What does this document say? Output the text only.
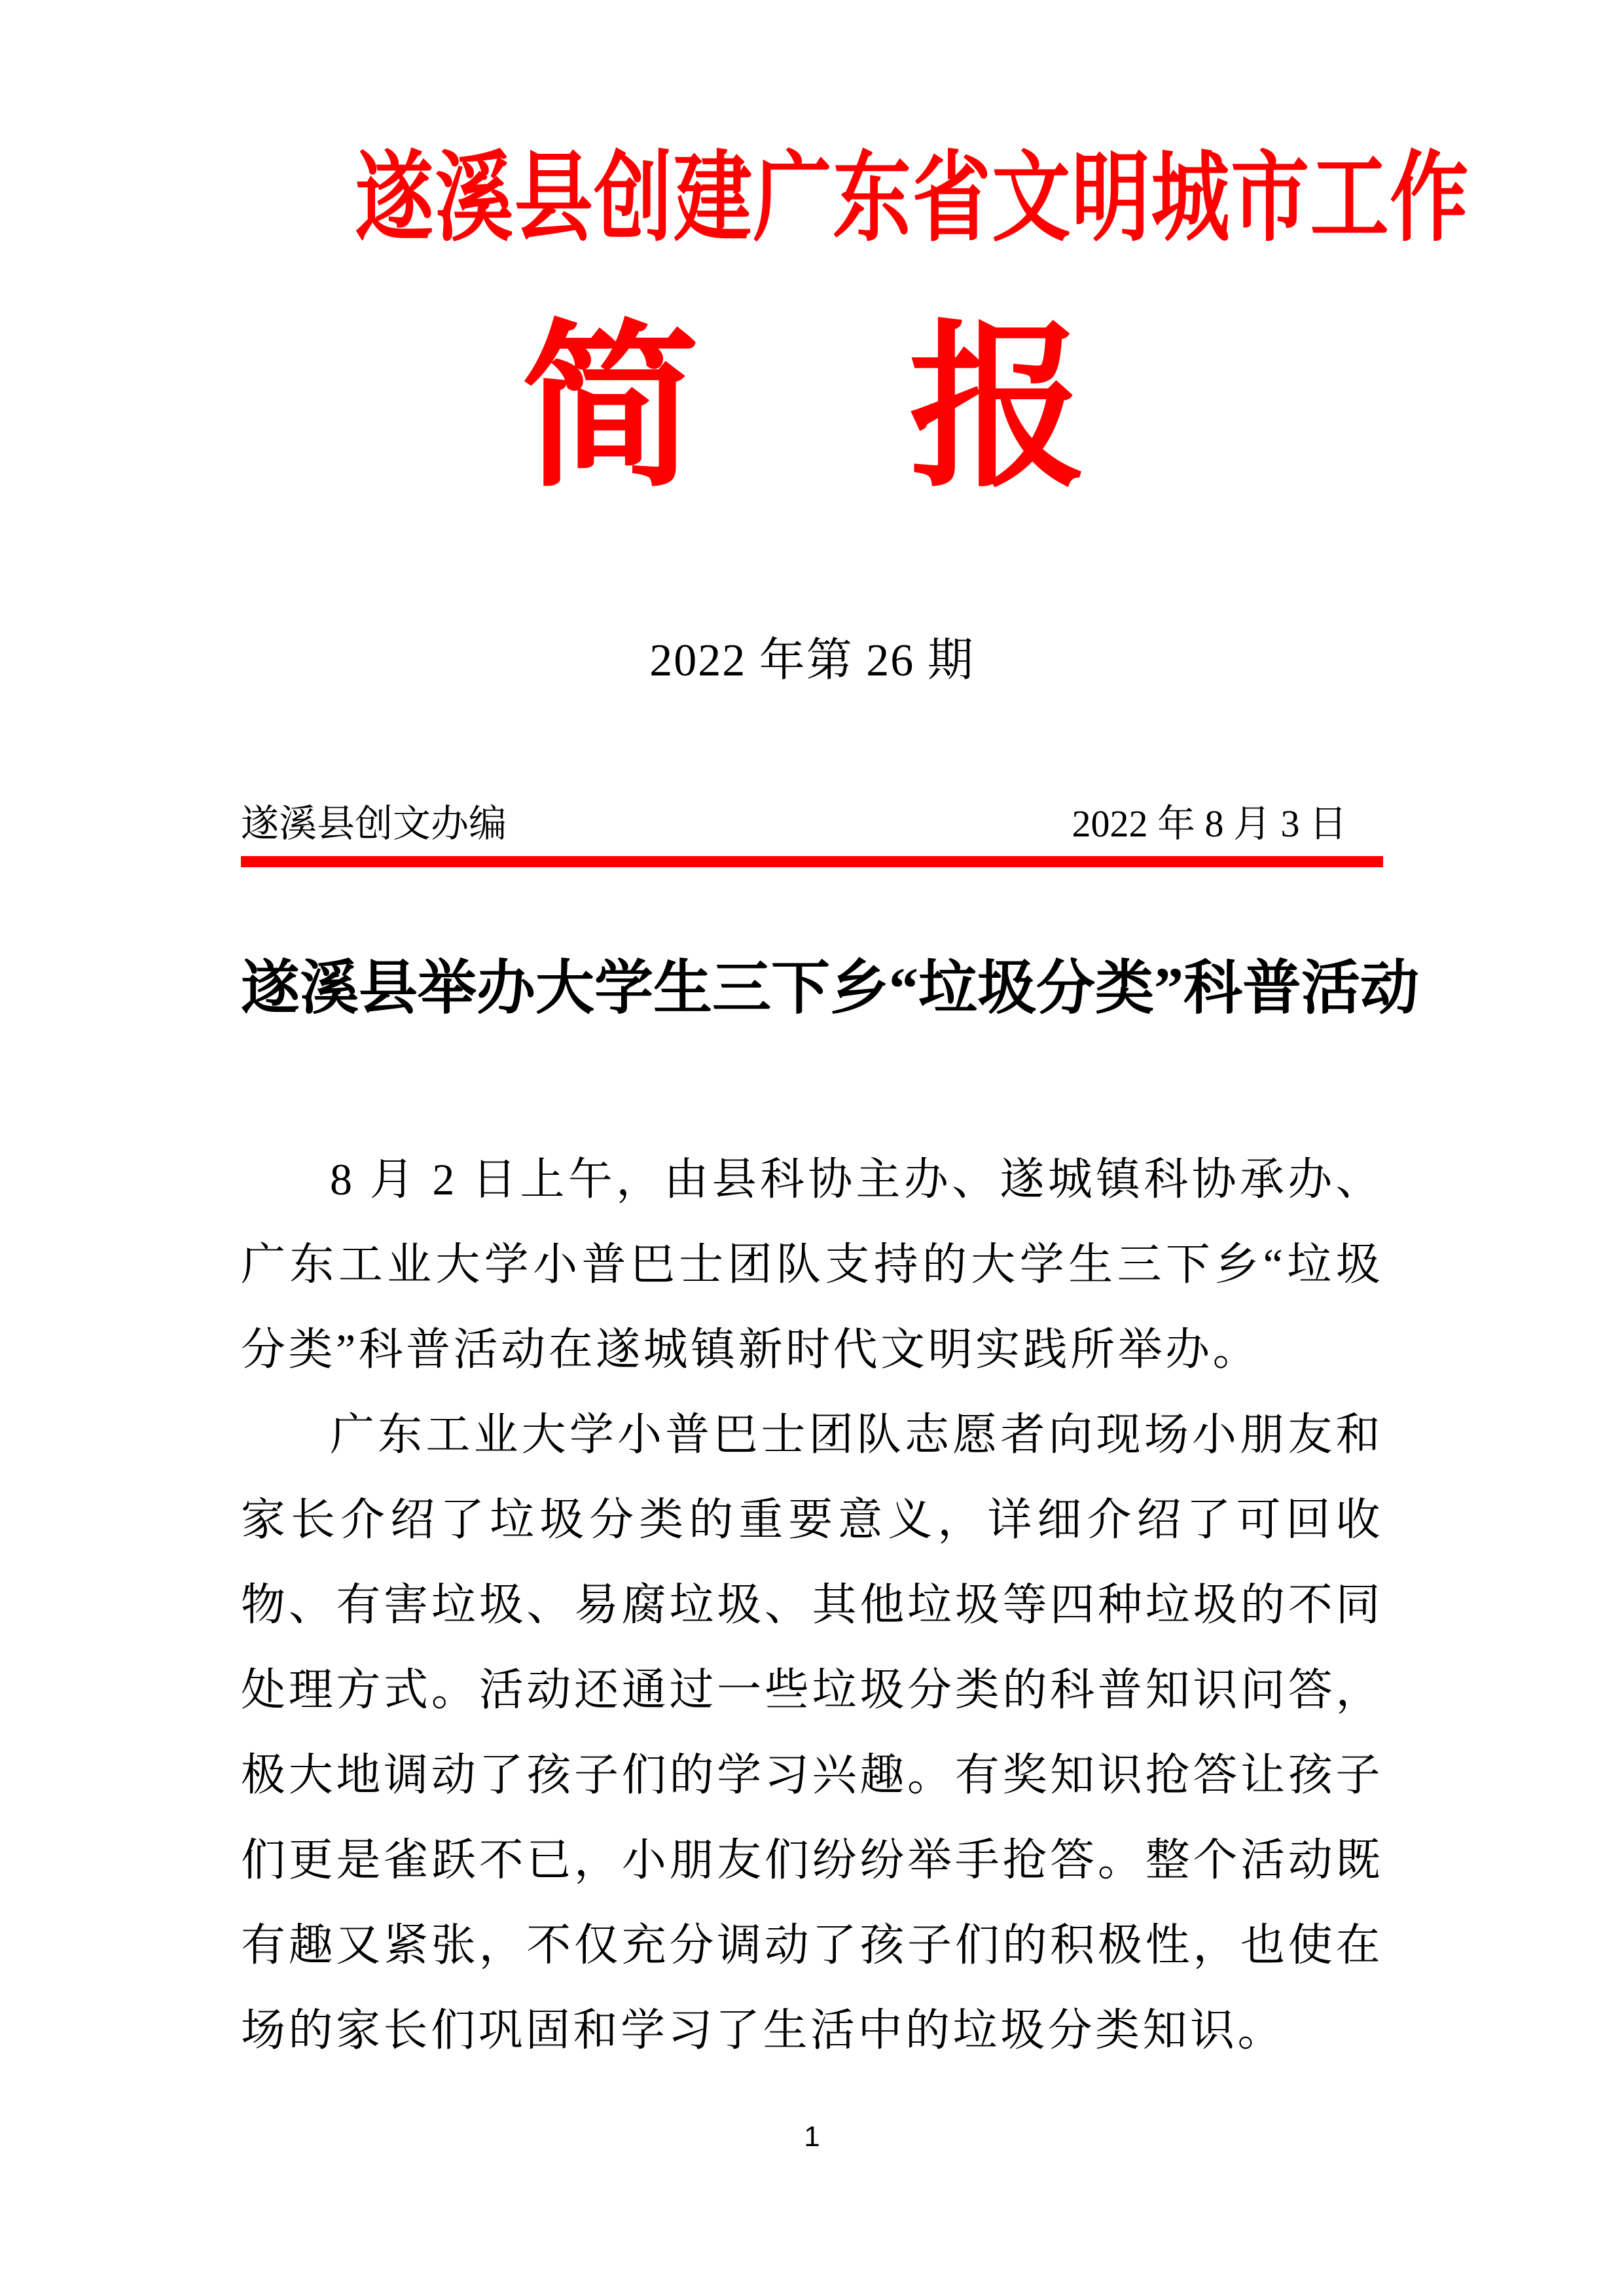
遂溪县创建广东省文明城市工作
简　报
2022 年第 26 期
遂溪县创文办编	2022 年 8 月 3 日
遂溪县举办大学生三下乡“垃圾分类”科普活动

8 月 2 日上午，由县科协主办、遂城镇科协承办、广东工业大学小普巴士团队支持的大学生三下乡“垃圾分类”科普活动在遂城镇新时代文明实践所举办。

广东工业大学小普巴士团队志愿者向现场小朋友和家长介绍了垃圾分类的重要意义，详细介绍了可回收物、有害垃圾、易腐垃圾、其他垃圾等四种垃圾的不同处理方式。活动还通过一些垃圾分类的科普知识问答，极大地调动了孩子们的学习兴趣。有奖知识抢答让孩子们更是雀跃不已，小朋友们纷纷举手抢答。整个活动既有趣又紧张，不仅充分调动了孩子们的积极性，也使在场的家长们巩固和学习了生活中的垃圾分类知识。

1
